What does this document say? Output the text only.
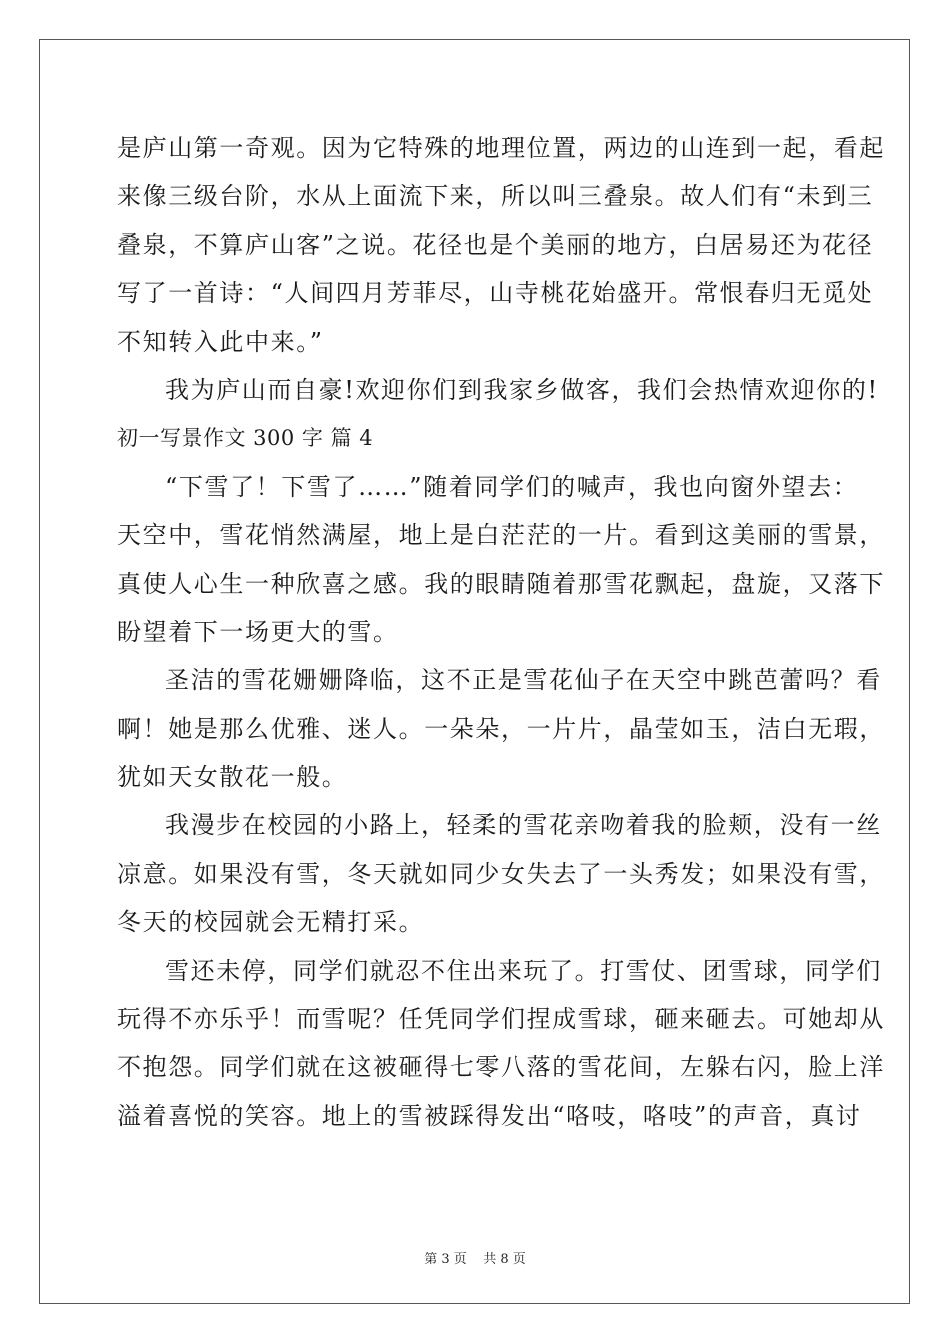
是庐山第一奇观。因为它特殊的地理位置，两边的山连到一起，看起
来像三级台阶，水从上面流下来，所以叫三叠泉。故人们有“未到三
叠泉，不算庐山客”之说。花径也是个美丽的地方，白居易还为花径
写了一首诗：“人间四月芳菲尽，山寺桃花始盛开。常恨春归无觅处
不知转入此中来。”
我为庐山而自豪!欢迎你们到我家乡做客，我们会热情欢迎你的!
初一写景作文 300 字 篇 4
“下雪了！下雪了……”随着同学们的喊声，我也向窗外望去：
天空中，雪花悄然满屋，地上是白茫茫的一片。看到这美丽的雪景，
真使人心生一种欣喜之感。我的眼睛随着那雪花飘起，盘旋，又落下
盼望着下一场更大的雪。
圣洁的雪花姗姗降临，这不正是雪花仙子在天空中跳芭蕾吗？看
啊！她是那么优雅、迷人。一朵朵，一片片，晶莹如玉，洁白无瑕，
犹如天女散花一般。
我漫步在校园的小路上，轻柔的雪花亲吻着我的脸颊，没有一丝
凉意。如果没有雪，冬天就如同少女失去了一头秀发；如果没有雪，
冬天的校园就会无精打采。
雪还未停，同学们就忍不住出来玩了。打雪仗、团雪球，同学们
玩得不亦乐乎！而雪呢？任凭同学们捏成雪球，砸来砸去。可她却从
不抱怨。同学们就在这被砸得七零八落的雪花间，左躲右闪，脸上洋
溢着喜悦的笑容。地上的雪被踩得发出“咯吱，咯吱”的声音，真讨
第 3 页 共 8 页
